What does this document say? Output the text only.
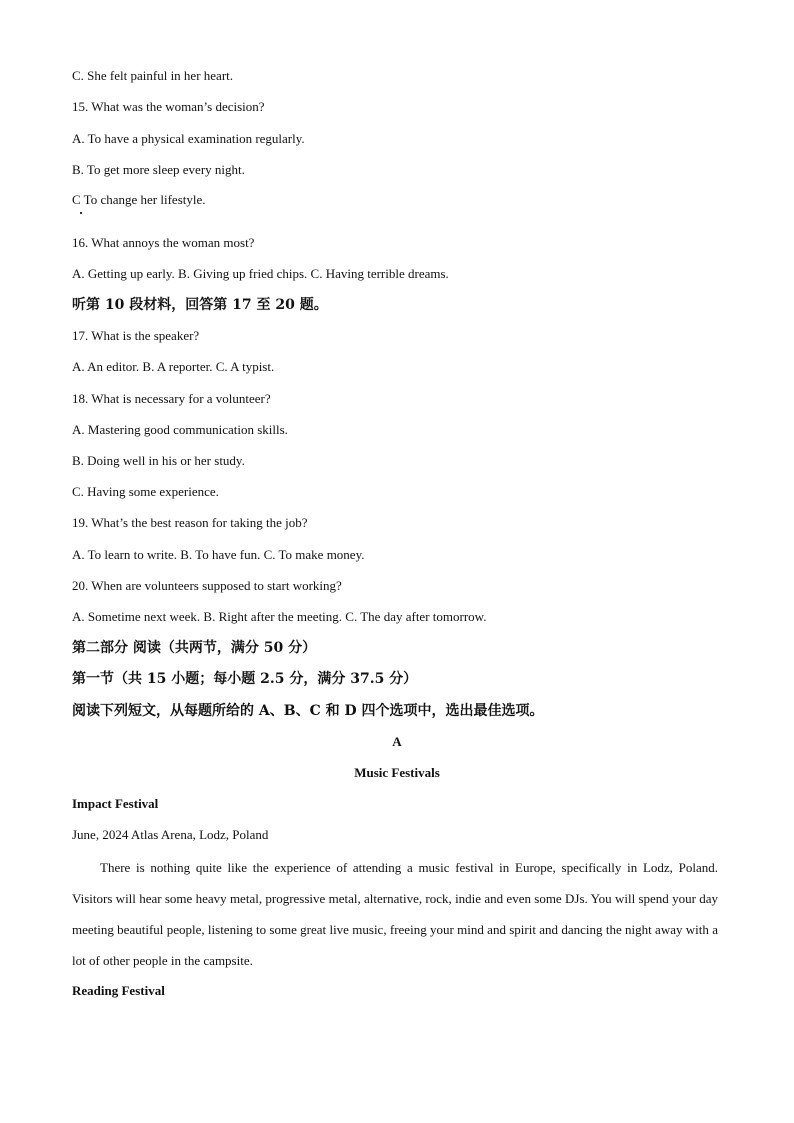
C. She felt painful in her heart.
15. What was the woman’s decision?
A. To have a physical examination regularly.
B. To get more sleep every night.
C To change her lifestyle.
16. What annoys the woman most?
A. Getting up early. B. Giving up fried chips. C. Having terrible dreams.
听第 10 段材料，回答第 17 至 20 题。
17. What is the speaker?
A. An editor. B. A reporter. C. A typist.
18. What is necessary for a volunteer?
A. Mastering good communication skills.
B. Doing well in his or her study.
C. Having some experience.
19. What’s the best reason for taking the job?
A. To learn to write. B. To have fun. C. To make money.
20. When are volunteers supposed to start working?
A. Sometime next week. B. Right after the meeting. C. The day after tomorrow.
第二部分 阅读（共两节，满分 50 分）
第一节（共 15 小题；每小题 2.5 分，满分 37.5 分）
阅读下列短文，从每题所给的 A、B、C 和 D 四个选项中，选出最佳选项。
A
Music Festivals
Impact Festival
June, 2024 Atlas Arena, Lodz, Poland
There is nothing quite like the experience of attending a music festival in Europe, specifically in Lodz, Poland. Visitors will hear some heavy metal, progressive metal, alternative, rock, indie and even some DJs. You will spend your day meeting beautiful people, listening to some great live music, freeing your mind and spirit and dancing the night away with a lot of other people in the campsite.
Reading Festival
